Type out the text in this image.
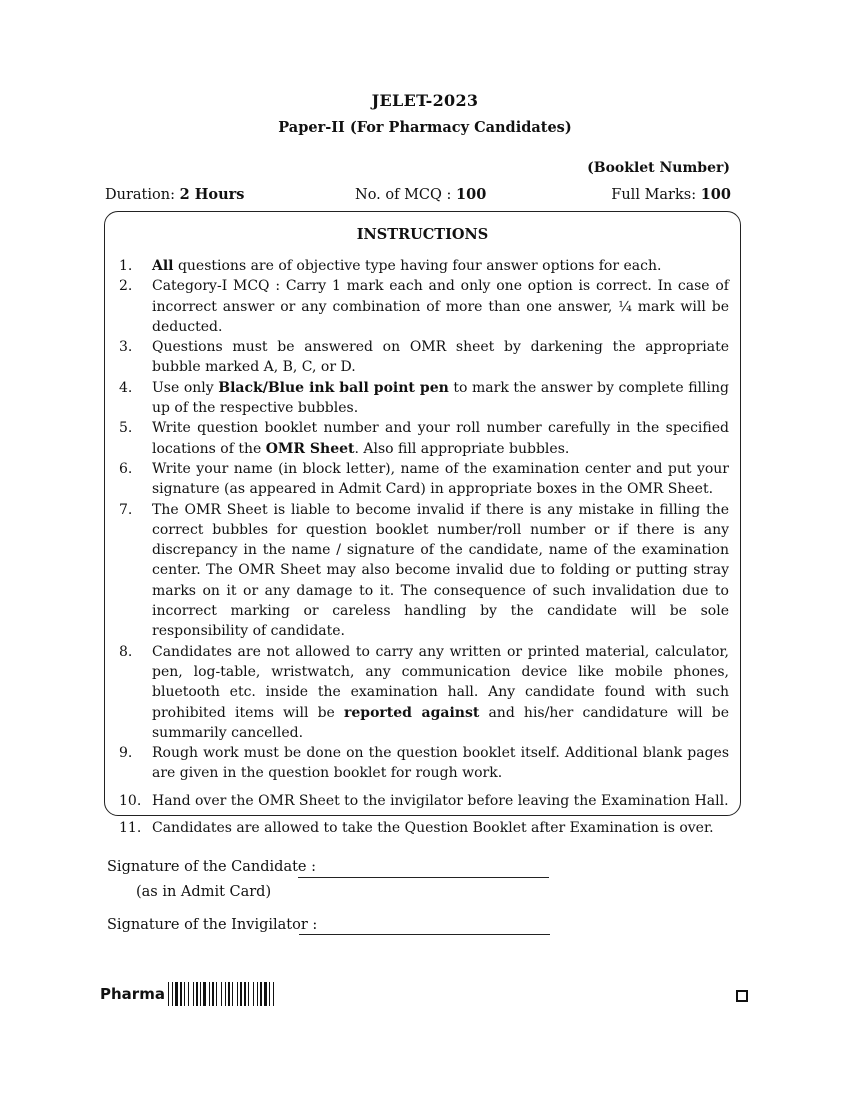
JELET-2023
Paper-II (For Pharmacy Candidates)
(Booklet Number)
Duration: 2 Hours	No. of MCQ : 100	Full Marks: 100
INSTRUCTIONS
1.	All questions are of objective type having four answer options for each.
2.	Category-I MCQ : Carry 1 mark each and only one option is correct. In case of incorrect answer or any combination of more than one answer, ¼ mark will be deducted.
3.	Questions must be answered on OMR sheet by darkening the appropriate bubble marked A, B, C, or D.
4.	Use only Black/Blue ink ball point pen to mark the answer by complete filling up of the respective bubbles.
5.	Write question booklet number and your roll number carefully in the specified locations of the OMR Sheet. Also fill appropriate bubbles.
6.	Write your name (in block letter), name of the examination center and put your signature (as appeared in Admit Card) in appropriate boxes in the OMR Sheet.
7.	The OMR Sheet is liable to become invalid if there is any mistake in filling the correct bubbles for question booklet number/roll number or if there is any discrepancy in the name / signature of the candidate, name of the examination center. The OMR Sheet may also become invalid due to folding or putting stray marks on it or any damage to it. The consequence of such invalidation due to incorrect marking or careless handling by the candidate will be sole responsibility of candidate.
8.	Candidates are not allowed to carry any written or printed material, calculator, pen, log-table, wristwatch, any communication device like mobile phones, bluetooth etc. inside the examination hall. Any candidate found with such prohibited items will be reported against and his/her candidature will be summarily cancelled.
9.	Rough work must be done on the question booklet itself. Additional blank pages are given in the question booklet for rough work.
10. Hand over the OMR Sheet to the invigilator before leaving the Examination Hall.
11. Candidates are allowed to take the Question Booklet after Examination is over.
Signature of the Candidate :
(as in Admit Card)
Signature of the Invigilator :
Pharma
